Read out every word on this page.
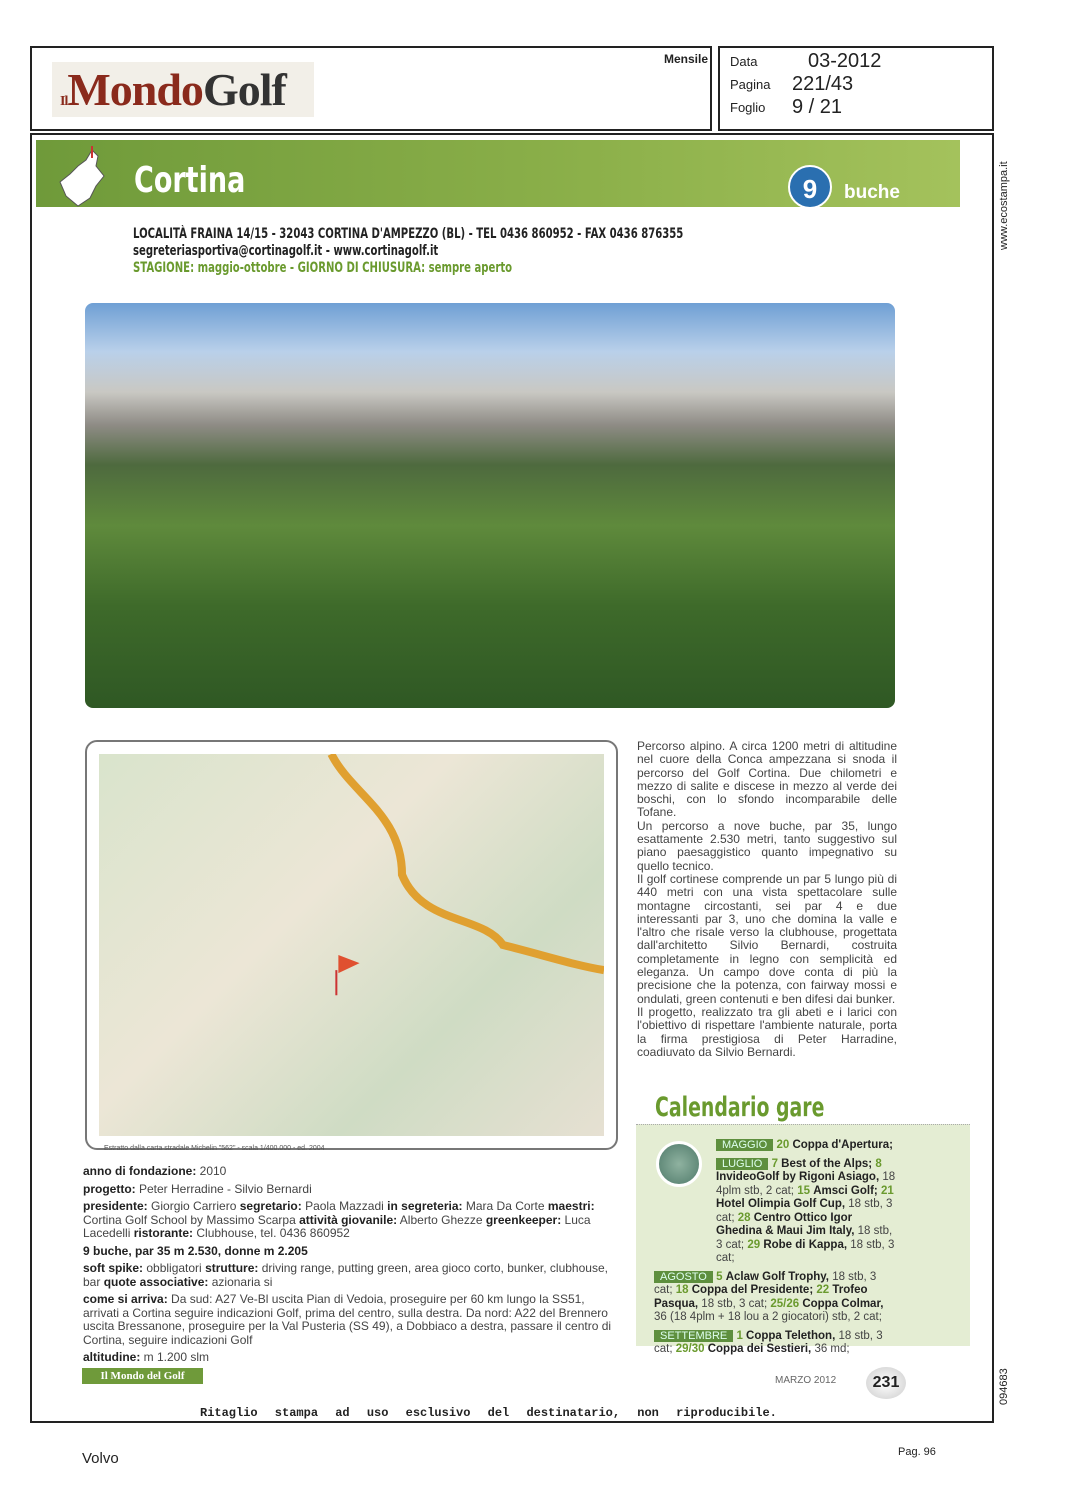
IlMondoGolf
Mensile Data	03-2012
Pagina 221/43
Foglio 9 / 21
Cortina	9	buche
LOCALITÀ FRAINA 14/15 - 32043 CORTINA D'AMPEZZO (BL) - TEL 0436 860952 - FAX 0436 876355
segreteriasportiva@cortinagolf.it - www.cortinagolf.it
STAGIONE: maggio-ottobre - GIORNO DI CHIUSURA: sempre aperto
Estratto dalla carta stradale Michelin "562" - scala 1/400.000 - ed. 2004

anno di fondazione: 2010

progetto: Peter Herradine - Silvio Bernardi

presidente: Giorgio Carriero segretario: Paola Mazzadi in segreteria: Mara Da Corte maestri: Cortina Golf School by Massimo Scarpa attività giovanile: Alberto Ghezze greenkeeper: Luca Lacedelli ristorante: Clubhouse, tel. 0436 860952

9 buche, par 35 m 2.530, donne m 2.205

soft spike: obbligatori strutture: driving range, putting green, area gioco corto, bunker, clubhouse, bar quote associative: azionaria si

come si arriva: Da sud: A27 Ve-Bl uscita Pian di Vedoia, proseguire per 60 km lungo la SS51, arrivati a Cortina seguire indicazioni Golf, prima del centro, sulla destra. Da nord: A22 del Brennero uscita Bressanone, proseguire per la Val Pusteria (SS 49), a Dobbiaco a destra, passare il centro di Cortina, seguire indicazioni Golf

altitudine: m 1.200 slm

Percorso alpino. A circa 1200 metri di altitudine nel cuore della Conca ampezzana si snoda il percorso del Golf Cortina. Due chilometri e mezzo di salite e discese in mezzo al verde dei boschi, con lo sfondo incomparabile delle Tofane.

Un percorso a nove buche, par 35, lungo esattamente 2.530 metri, tanto suggestivo sul piano paesaggistico quanto impegnativo su quello tecnico.

Il golf cortinese comprende un par 5 lungo più di 440 metri con una vista spettacolare sulle montagne circostanti, sei par 4 e due interessanti par 3, uno che domina la valle e l'altro che risale verso la clubhouse, progettata dall'architetto Silvio Bernardi, costruita completamente in legno con semplicità ed eleganza. Un campo dove conta di più la precisione che la potenza, con fairway mossi e ondulati, green contenuti e ben difesi dai bunker.

Il progetto, realizzato tra gli abeti e i larici con l'obiettivo di rispettare l'ambiente naturale, porta la firma prestigiosa di Peter Harradine, coadiuvato da Silvio Bernardi.

Calendario gare
MAGGIO 20 Coppa d'Apertura;
LUGLIO 7 Best of the Alps; 8 InvideoGolf by Rigoni Asiago, 18 4plm stb, 2 cat; 15 Amsci Golf; 21 Hotel Olimpia Golf Cup, 18 stb, 3 cat; 28 Centro Ottico Igor Ghedina & Maui Jim Italy, 18 stb, 3 cat; 29 Robe di Kappa, 18 stb, 3 cat;
AGOSTO 5 Aclaw Golf Trophy, 18 stb, 3 cat; 18 Coppa del Presidente; 22 Trofeo Pasqua, 18 stb, 3 cat; 25/26 Coppa Colmar, 36 (18 4plm + 18 lou a 2 giocatori) stb, 2 cat;
SETTEMBRE 1 Coppa Telethon, 18 stb, 3 cat; 29/30 Coppa dei Sestieri, 36 md;
Il Mondo del Golf	MARZO 2012	231
Ritaglio stampa ad uso esclusivo del destinatario, non riproducibile.
www.ecostampa.it
094683
Volvo	Pag. 96
